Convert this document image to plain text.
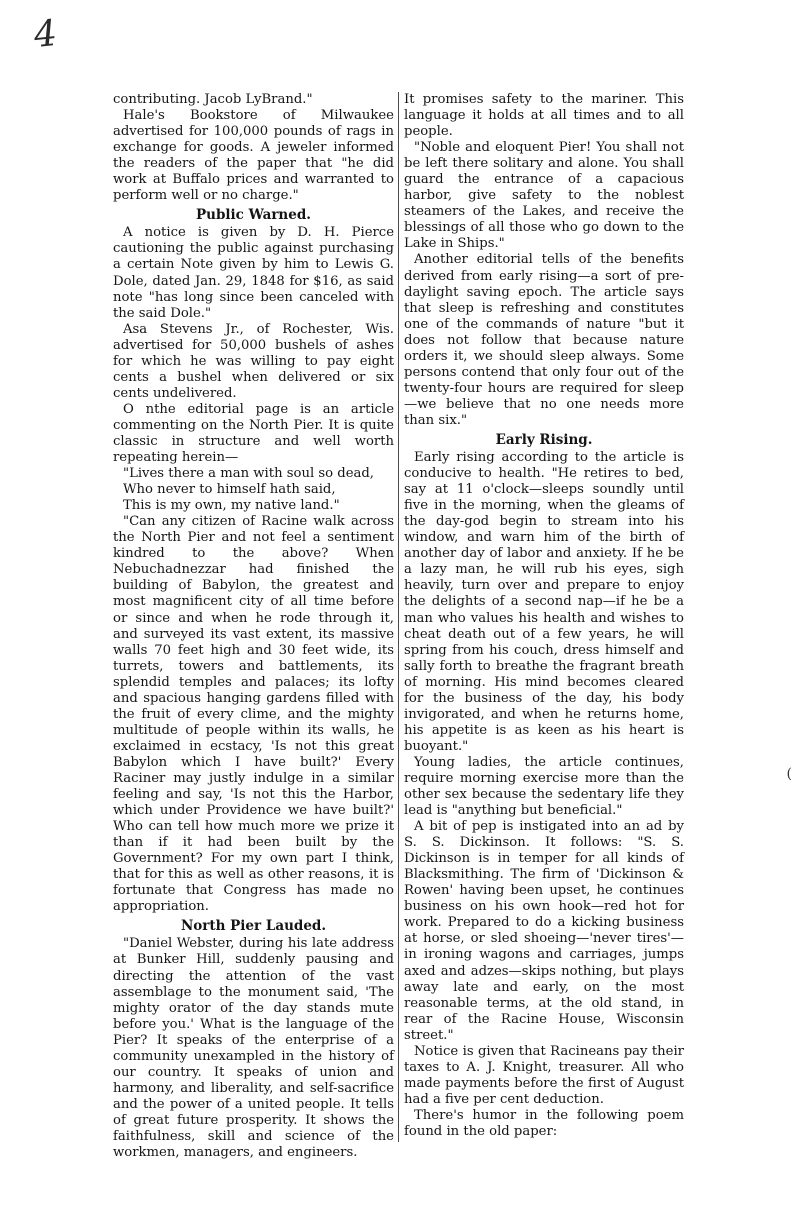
4

contributing. Jacob LyBrand."

Hale's Bookstore of Milwaukee advertised for 100,000 pounds of rags in exchange for goods. A jeweler informed the readers of the paper that "he did work at Buffalo prices and warranted to perform well or no charge."

Public Warned.

A notice is given by D. H. Pierce cautioning the public against purchasing a certain Note given by him to Lewis G. Dole, dated Jan. 29, 1848 for $16, as said note "has long since been canceled with the said Dole."

Asa Stevens Jr., of Rochester, Wis. advertised for 50,000 bushels of ashes for which he was willing to pay eight cents a bushel when delivered or six cents undelivered.

O nthe editorial page is an article commenting on the North Pier. It is quite classic in structure and well worth repeating herein—

"Lives there a man with soul so dead,

Who never to himself hath said,

This is my own, my native land."

"Can any citizen of Racine walk across the North Pier and not feel a sentiment kindred to the above? When Nebuchadnezzar had finished the building of Babylon, the greatest and most magnificent city of all time before or since and when he rode through it, and surveyed its vast extent, its massive walls 70 feet high and 30 feet wide, its turrets, towers and battlements, its splendid temples and palaces; its lofty and spacious hanging gardens filled with the fruit of every clime, and the mighty multitude of people within its walls, he exclaimed in ecstacy, 'Is not this great Babylon which I have built?' Every Raciner may justly indulge in a similar feeling and say, 'Is not this the Harbor, which under Providence we have built?' Who can tell how much more we prize it than if it had been built by the Government? For my own part I think, that for this as well as other reasons, it is fortunate that Congress has made no appropriation.

North Pier Lauded.

"Daniel Webster, during his late address at Bunker Hill, suddenly pausing and directing the attention of the vast assemblage to the monument said, 'The mighty orator of the day stands mute before you.' What is the language of the Pier? It speaks of the enterprise of a community unexampled in the history of our country. It speaks of union and harmony, and liberality, and self-sacrifice and the power of a united people. It tells of great future prosperity. It shows the faithfulness, skill and science of the workmen, managers, and engineers.

It promises safety to the mariner. This language it holds at all times and to all people.

"Noble and eloquent Pier! You shall not be left there solitary and alone. You shall guard the entrance of a capacious harbor, give safety to the noblest steamers of the Lakes, and receive the blessings of all those who go down to the Lake in Ships."

Another editorial tells of the benefits derived from early rising—a sort of pre-daylight saving epoch. The article says that sleep is refreshing and constitutes one of the commands of nature "but it does not follow that because nature orders it, we should sleep always. Some persons contend that only four out of the twenty-four hours are required for sleep—we believe that no one needs more than six."

Early Rising.

Early rising according to the article is conducive to health. "He retires to bed, say at 11 o'clock—sleeps soundly until five in the morning, when the gleams of the day-god begin to stream into his window, and warn him of the birth of another day of labor and anxiety. If he be a lazy man, he will rub his eyes, sigh heavily, turn over and prepare to enjoy the delights of a second nap—if he be a man who values his health and wishes to cheat death out of a few years, he will spring from his couch, dress himself and sally forth to breathe the fragrant breath of morning. His mind becomes cleared for the business of the day, his body invigorated, and when he returns home, his appetite is as keen as his heart is buoyant."

Young ladies, the article continues, require morning exercise more than the other sex because the sedentary life they lead is "anything but beneficial."

A bit of pep is instigated into an ad by S. S. Dickinson. It follows: "S. S. Dickinson is in temper for all kinds of Blacksmithing. The firm of 'Dickinson & Rowen' having been upset, he continues business on his own hook—red hot for work. Prepared to do a kicking business at horse, or sled shoeing—'never tires'—in ironing wagons and carriages, jumps axed and adzes—skips nothing, but plays away late and early, on the most reasonable terms, at the old stand, in rear of the Racine House, Wisconsin street."

Notice is given that Racineans pay their taxes to A. J. Knight, treasurer. All who made payments before the first of August had a five per cent deduction.

There's humor in the following poem found in the old paper:

(
